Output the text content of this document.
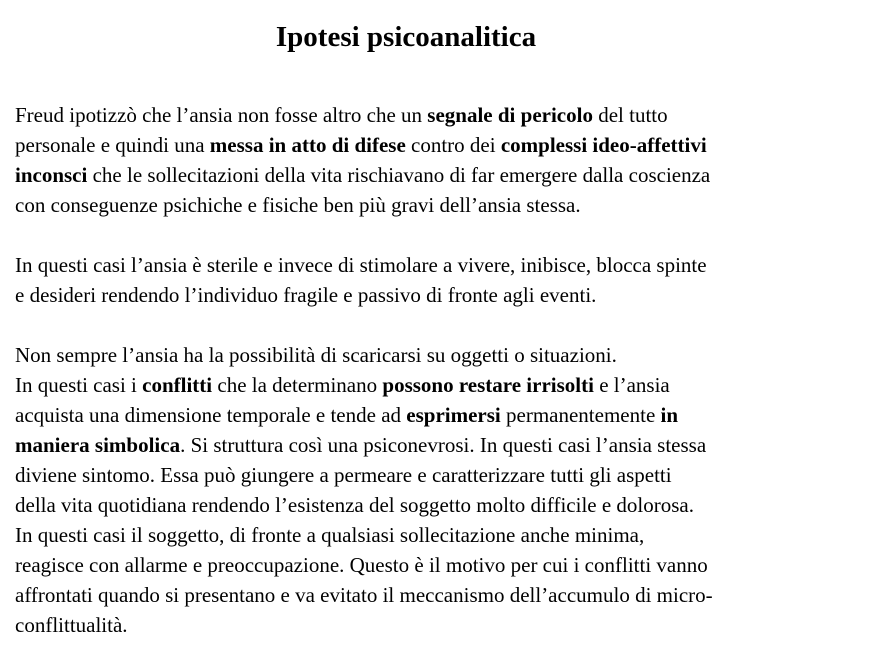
Ipotesi psicoanalitica

Freud ipotizzò che l’ansia non fosse altro che un segnale di pericolo del tutto
personale e quindi una messa in atto di difese contro dei complessi ideo-affettivi
inconsci che le sollecitazioni della vita rischiavano di far emergere dalla coscienza
con conseguenze psichiche e fisiche ben più gravi dell’ansia stessa.

In questi casi l’ansia è sterile e invece di stimolare a vivere, inibisce, blocca spinte
e desideri rendendo l’individuo fragile e passivo di fronte agli eventi.

Non sempre l’ansia ha la possibilità di scaricarsi su oggetti o situazioni.
In questi casi i conflitti che la determinano possono restare irrisolti e l’ansia
acquista una dimensione temporale e tende ad esprimersi permanentemente in
maniera simbolica. Si struttura così una psiconevrosi. In questi casi l’ansia stessa
diviene sintomo. Essa può giungere a permeare e caratterizzare tutti gli aspetti
della vita quotidiana rendendo l’esistenza del soggetto molto difficile e dolorosa.
In questi casi il soggetto, di fronte a qualsiasi sollecitazione anche minima,
reagisce con allarme e preoccupazione. Questo è il motivo per cui i conflitti vanno
affrontati quando si presentano e va evitato il meccanismo dell’accumulo di micro-
conflittualità.
